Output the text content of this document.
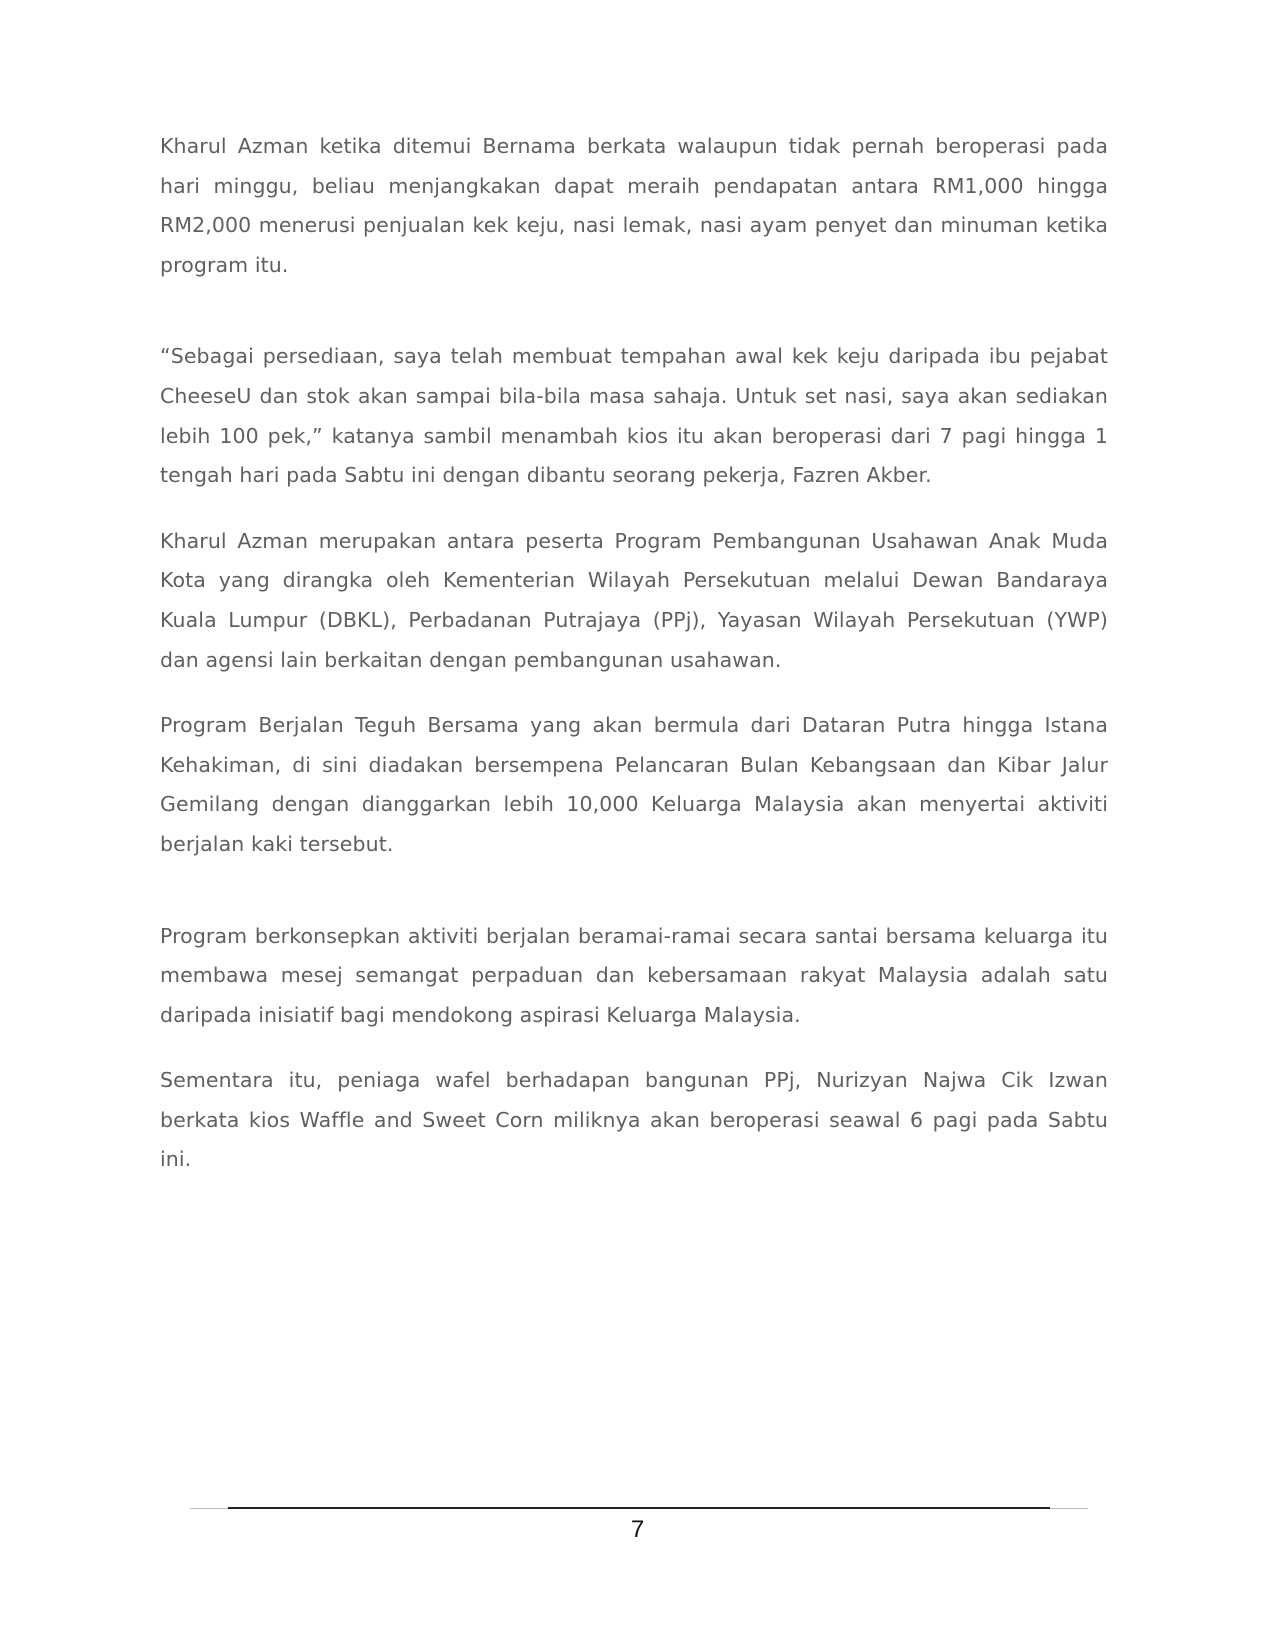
Kharul Azman ketika ditemui Bernama berkata walaupun tidak pernah beroperasi pada hari minggu, beliau menjangkakan dapat meraih pendapatan antara RM1,000 hingga RM2,000 menerusi penjualan kek keju, nasi lemak, nasi ayam penyet dan minuman ketika program itu.

“Sebagai persediaan, saya telah membuat tempahan awal kek keju daripada ibu pejabat CheeseU dan stok akan sampai bila-bila masa sahaja. Untuk set nasi, saya akan sediakan lebih 100 pek,” katanya sambil menambah kios itu akan beroperasi dari 7 pagi hingga 1 tengah hari pada Sabtu ini dengan dibantu seorang pekerja, Fazren Akber.

Kharul Azman merupakan antara peserta Program Pembangunan Usahawan Anak Muda Kota yang dirangka oleh Kementerian Wilayah Persekutuan melalui Dewan Bandaraya Kuala Lumpur (DBKL), Perbadanan Putrajaya (PPj), Yayasan Wilayah Persekutuan (YWP) dan agensi lain berkaitan dengan pembangunan usahawan.

Program Berjalan Teguh Bersama yang akan bermula dari Dataran Putra hingga Istana Kehakiman, di sini diadakan bersempena Pelancaran Bulan Kebangsaan dan Kibar Jalur Gemilang dengan dianggarkan lebih 10,000 Keluarga Malaysia akan menyertai aktiviti berjalan kaki tersebut.

Program berkonsepkan aktiviti berjalan beramai-ramai secara santai bersama keluarga itu membawa mesej semangat perpaduan dan kebersamaan rakyat Malaysia adalah satu daripada inisiatif bagi mendokong aspirasi Keluarga Malaysia.

Sementara itu, peniaga wafel berhadapan bangunan PPj, Nurizyan Najwa Cik Izwan berkata kios Waffle and Sweet Corn miliknya akan beroperasi seawal 6 pagi pada Sabtu ini.

7
